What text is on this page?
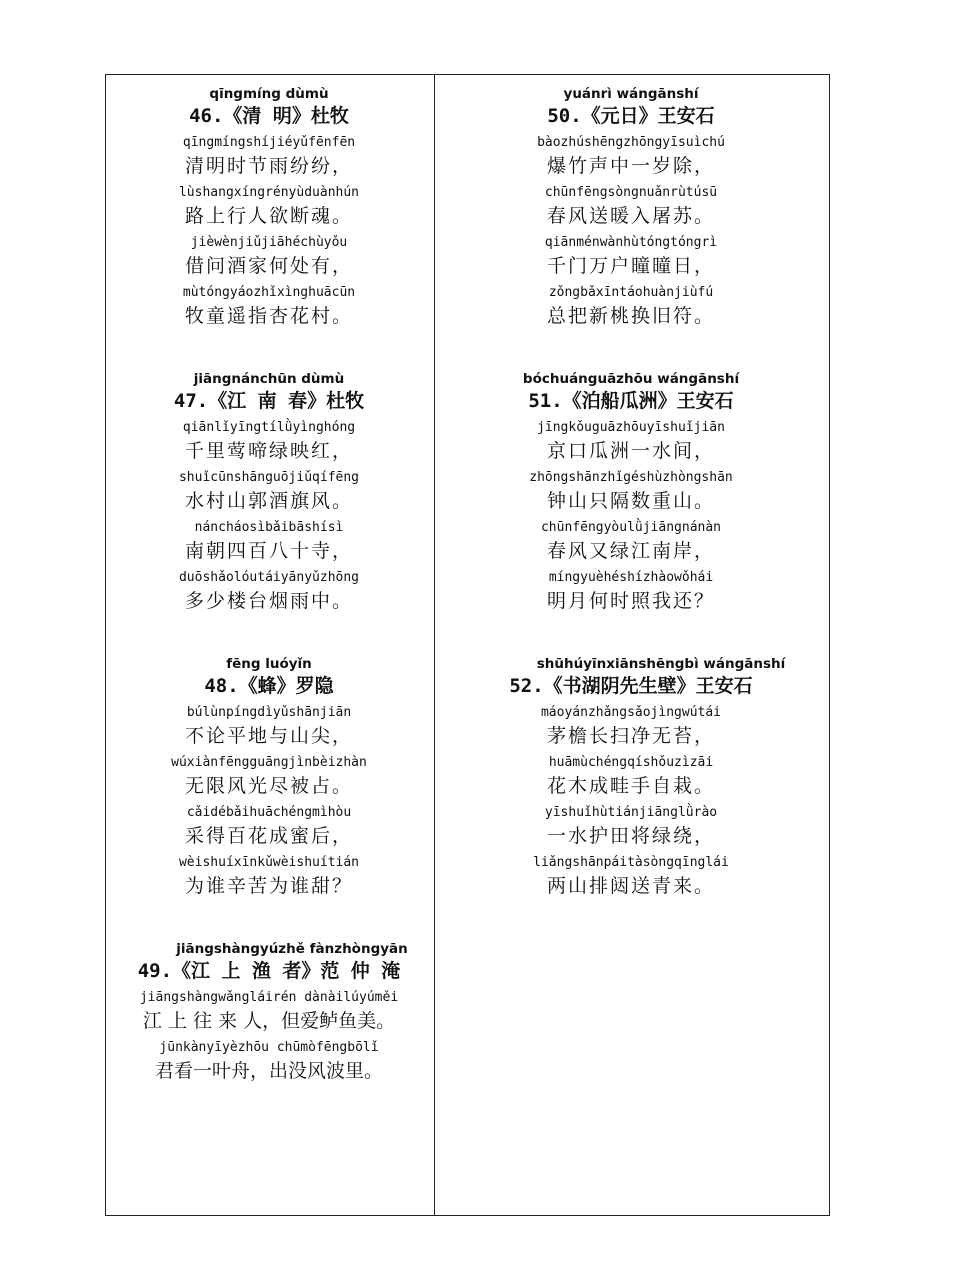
qīngmíng dùmù
46.《清 明》杜牧
qīngmíngshíjiéyǔfēnfēn
清明时节雨纷纷，
lùshangxíngrényùduànhún
路上行人欲断魂。
jièwènjiǔjiāhéchùyǒu
借问酒家何处有，
mùtóngyáozhǐxìnghuācūn
牧童遥指杏花村。
jiāngnánchūn dùmù
47.《江 南 春》杜牧
qiānlǐyīngtílǜyìnghóng
千里莺啼绿映红，
shuǐcūnshānguōjiǔqífēng
水村山郭酒旗风。
náncháosìbǎibāshísì
南朝四百八十寺，
duōshǎolóutáiyānyǔzhōng
多少楼台烟雨中。
fēng luóyǐn
48.《蜂》罗隐
búlùnpíngdìyǔshānjiān
不论平地与山尖，
wúxiànfēngguāngjìnbèizhàn
无限风光尽被占。
cǎidébǎihuāchéngmìhòu
采得百花成蜜后，
wèishuíxīnkǔwèishuítián
为谁辛苦为谁甜？
jiāngshàngyúzhě fànzhòngyān
49.《江 上 渔 者》范 仲 淹
jiāngshàngwǎngláirén dànàilúyúměi
江 上 往 来 人，但爱鲈鱼美。
jūnkànyīyèzhōu chūmòfēngbōlǐ
君看一叶舟，出没风波里。
yuánrì wángānshí
50.《元日》王安石
bàozhúshēngzhōngyīsuìchú
爆竹声中一岁除，
chūnfēngsòngnuǎnrùtúsū
春风送暖入屠苏。
qiānménwànhùtóngtóngrì
千门万户曈曈日，
zǒngbǎxīntáohuànjiùfú
总把新桃换旧符。
bóchuánguāzhōu wángānshí
51.《泊船瓜洲》王安石
jīngkǒuguāzhōuyīshuǐjiān
京口瓜洲一水间，
zhōngshānzhǐgéshùzhòngshān
钟山只隔数重山。
chūnfēngyòulǜjiāngnánàn
春风又绿江南岸，
míngyuèhéshízhàowǒhái
明月何时照我还？
shūhúyīnxiānshēngbì wángānshí
52.《书湖阴先生壁》王安石
máoyánzhǎngsǎojìngwútái
茅檐长扫净无苔，
huāmùchéngqíshǒuzìzāi
花木成畦手自栽。
yīshuǐhùtiánjiānglǜrào
一水护田将绿绕，
liǎngshānpáitàsòngqīnglái
两山排闼送青来。
